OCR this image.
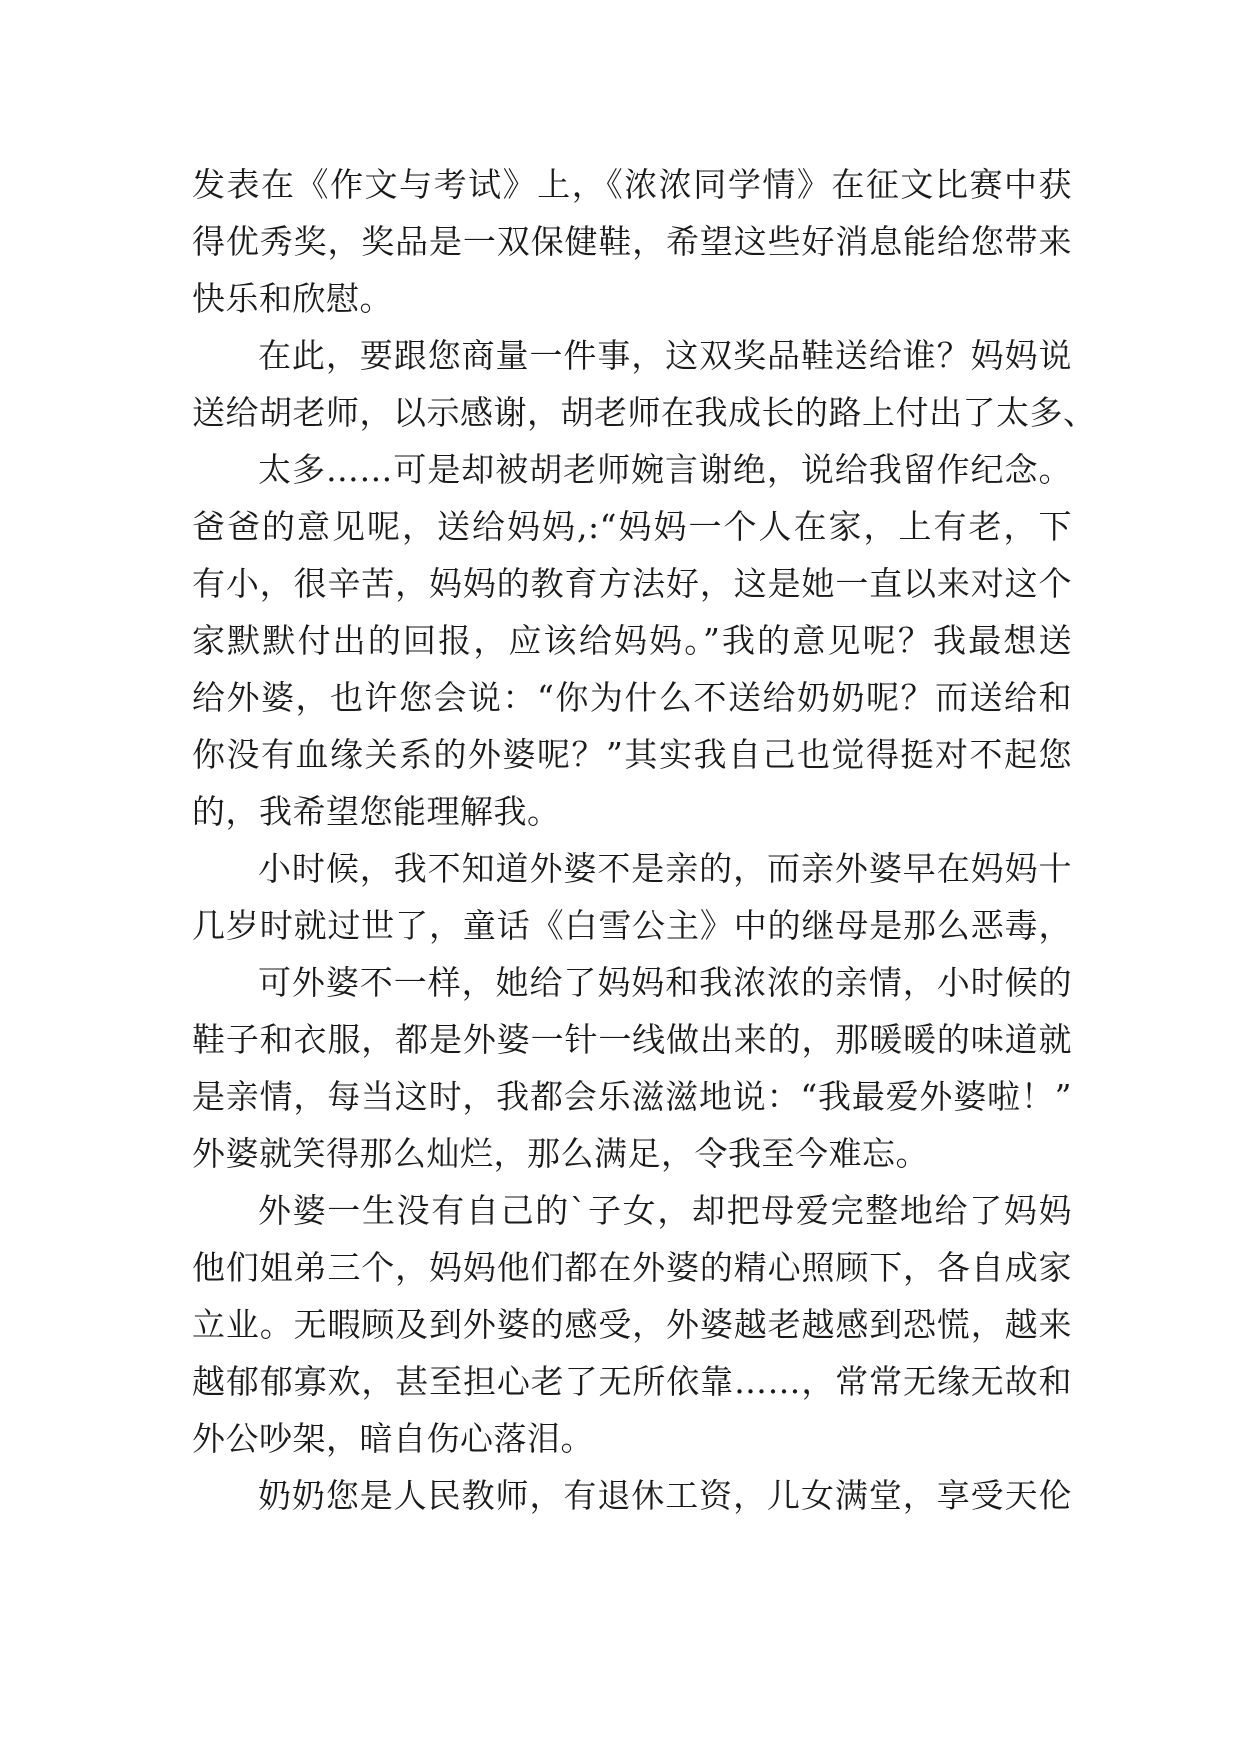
发表在《作文与考试》上，《浓浓同学情》在征文比赛中获
得优秀奖，奖品是一双保健鞋，希望这些好消息能给您带来
快乐和欣慰。
在此，要跟您商量一件事，这双奖品鞋送给谁？妈妈说
送给胡老师，以示感谢，胡老师在我成长的路上付出了太多、
太多……可是却被胡老师婉言谢绝，说给我留作纪念。
爸爸的意见呢，送给妈妈,:“妈妈一个人在家，上有老，下
有小，很辛苦，妈妈的教育方法好，这是她一直以来对这个
家默默付出的回报，应该给妈妈。”我的意见呢？我最想送
给外婆，也许您会说：“你为什么不送给奶奶呢？而送给和
你没有血缘关系的外婆呢？”其实我自己也觉得挺对不起您
的，我希望您能理解我。
小时候，我不知道外婆不是亲的，而亲外婆早在妈妈十
几岁时就过世了，童话《白雪公主》中的继母是那么恶毒，
可外婆不一样，她给了妈妈和我浓浓的亲情，小时候的
鞋子和衣服，都是外婆一针一线做出来的，那暖暖的味道就
是亲情，每当这时，我都会乐滋滋地说：“我最爱外婆啦！”
外婆就笑得那么灿烂，那么满足，令我至今难忘。
外婆一生没有自己的`子女，却把母爱完整地给了妈妈
他们姐弟三个，妈妈他们都在外婆的精心照顾下，各自成家
立业。无暇顾及到外婆的感受，外婆越老越感到恐慌，越来
越郁郁寡欢，甚至担心老了无所依靠……，常常无缘无故和
外公吵架，暗自伤心落泪。
奶奶您是人民教师，有退休工资，儿女满堂，享受天伦
